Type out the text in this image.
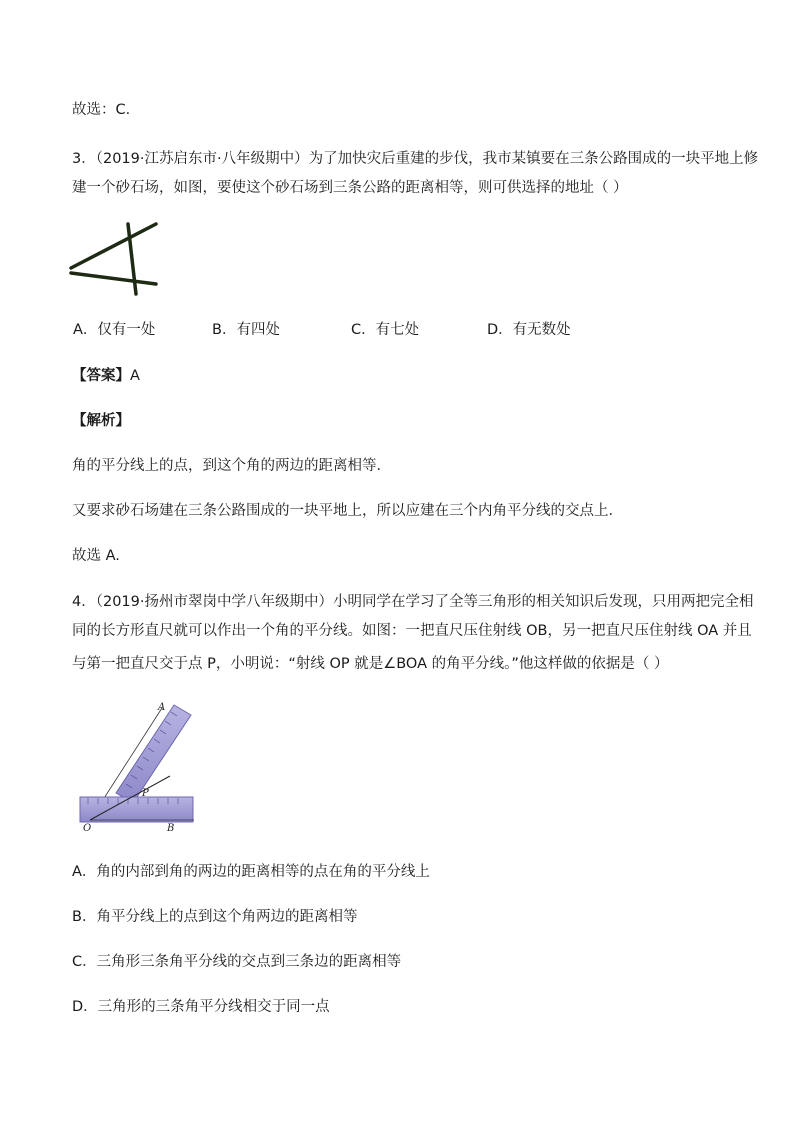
故选：C．
3．（2019·江苏启东市·八年级期中）为了加快灾后重建的步伐，我市某镇要在三条公路围成的一块平地上修
建一个砂石场，如图，要使这个砂石场到三条公路的距离相等，则可供选择的地址（ ）
A．仅有一处	B．有四处	C．有七处	D．有无数处
【答案】A
【解析】
角的平分线上的点，到这个角的两边的距离相等．
又要求砂石场建在三条公路围成的一块平地上，所以应建在三个内角平分线的交点上．
故选 A.
4．（2019·扬州市翠岗中学八年级期中）小明同学在学习了全等三角形的相关知识后发现，只用两把完全相
同的长方形直尺就可以作出一个角的平分线。如图：一把直尺压住射线 OB，另一把直尺压住射线 OA 并且
与第一把直尺交于点 P，小明说：“射线 OP 就是∠BOA 的角平分线。”他这样做的依据是（ ）
A
P
O	B
A．角的内部到角的两边的距离相等的点在角的平分线上
B．角平分线上的点到这个角两边的距离相等
C．三角形三条角平分线的交点到三条边的距离相等
D．三角形的三条角平分线相交于同一点
